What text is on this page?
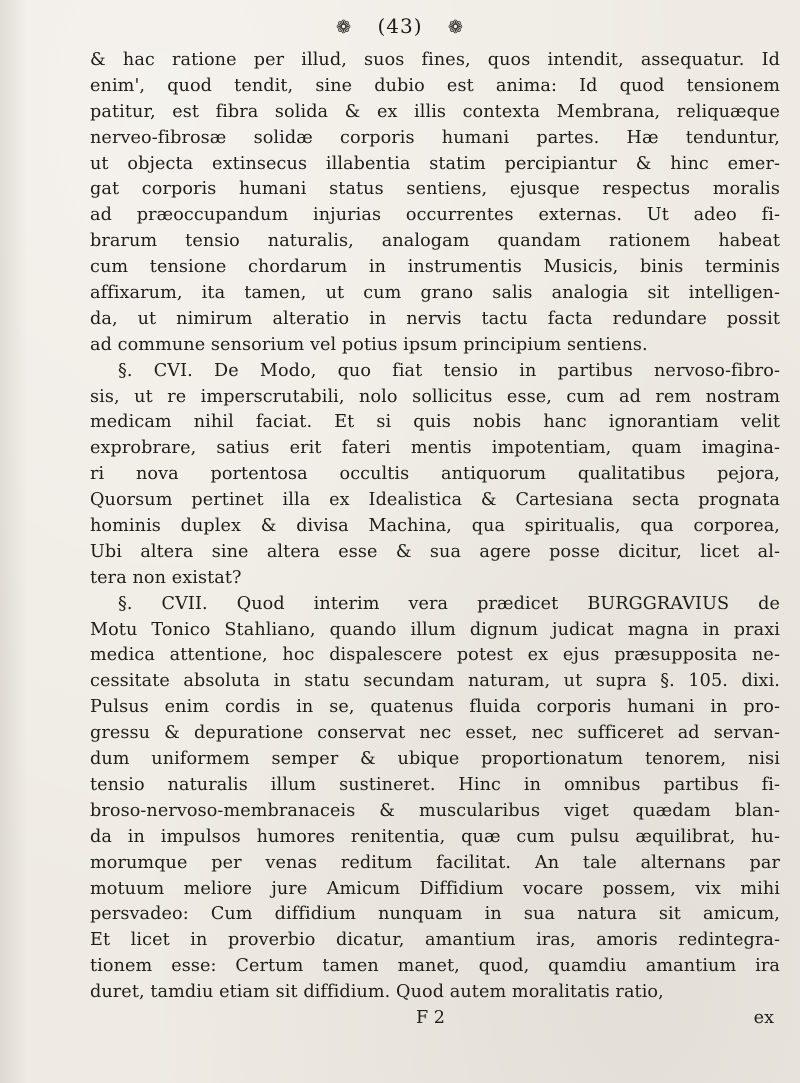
❁ (43) ❁
& hac ratione per illud, suos fines, quos intendit, assequatur. Id
enim', quod tendit, sine dubio est anima: Id quod tensionem
patitur, est fibra solida & ex illis contexta Membrana, reliquæque
nerveo-fibrosæ solidæ corporis humani partes. Hæ tenduntur,
ut objecta extinsecus illabentia statim percipiantur & hinc emer-
gat corporis humani status sentiens, ejusque respectus moralis
ad præoccupandum injurias occurrentes externas. Ut adeo fi-
brarum tensio naturalis, analogam quandam rationem habeat
cum tensione chordarum in instrumentis Musicis, binis terminis
affixarum, ita tamen, ut cum grano salis analogia sit intelligen-
da, ut nimirum alteratio in nervis tactu facta redundare possit
ad commune sensorium vel potius ipsum principium sentiens.
§. CVI. De Modo, quo fiat tensio in partibus nervoso-fibro-
sis, ut re imperscrutabili, nolo sollicitus esse, cum ad rem nostram
medicam nihil faciat. Et si quis nobis hanc ignorantiam velit
exprobrare, satius erit fateri mentis impotentiam, quam imagina-
ri nova portentosa occultis antiquorum qualitatibus pejora,
Quorsum pertinet illa ex Idealistica & Cartesiana secta prognata
hominis duplex & divisa Machina, qua spiritualis, qua corporea,
Ubi altera sine altera esse & sua agere posse dicitur, licet al-
tera non existat?
§. CVII. Quod interim vera prædicet BURGGRAVIUS de
Motu Tonico Stahliano, quando illum dignum judicat magna in praxi
medica attentione, hoc dispalescere potest ex ejus præsupposita ne-
cessitate absoluta in statu secundam naturam, ut supra §. 105. dixi.
Pulsus enim cordis in se, quatenus fluida corporis humani in pro-
gressu & depuratione conservat nec esset, nec sufficeret ad servan-
dum uniformem semper & ubique proportionatum tenorem, nisi
tensio naturalis illum sustineret. Hinc in omnibus partibus fi-
broso-nervoso-membranaceis & muscularibus viget quædam blan-
da in impulsos humores renitentia, quæ cum pulsu æquilibrat, hu-
morumque per venas reditum facilitat. An tale alternans par
motuum meliore jure Amicum Diffidium vocare possem, vix mihi
persvadeo: Cum diffidium nunquam in sua natura sit amicum,
Et licet in proverbio dicatur, amantium iras, amoris redintegra-
tionem esse: Certum tamen manet, quod, quamdiu amantium ira
duret, tamdiu etiam sit diffidium. Quod autem moralitatis ratio,
F 2	ex
